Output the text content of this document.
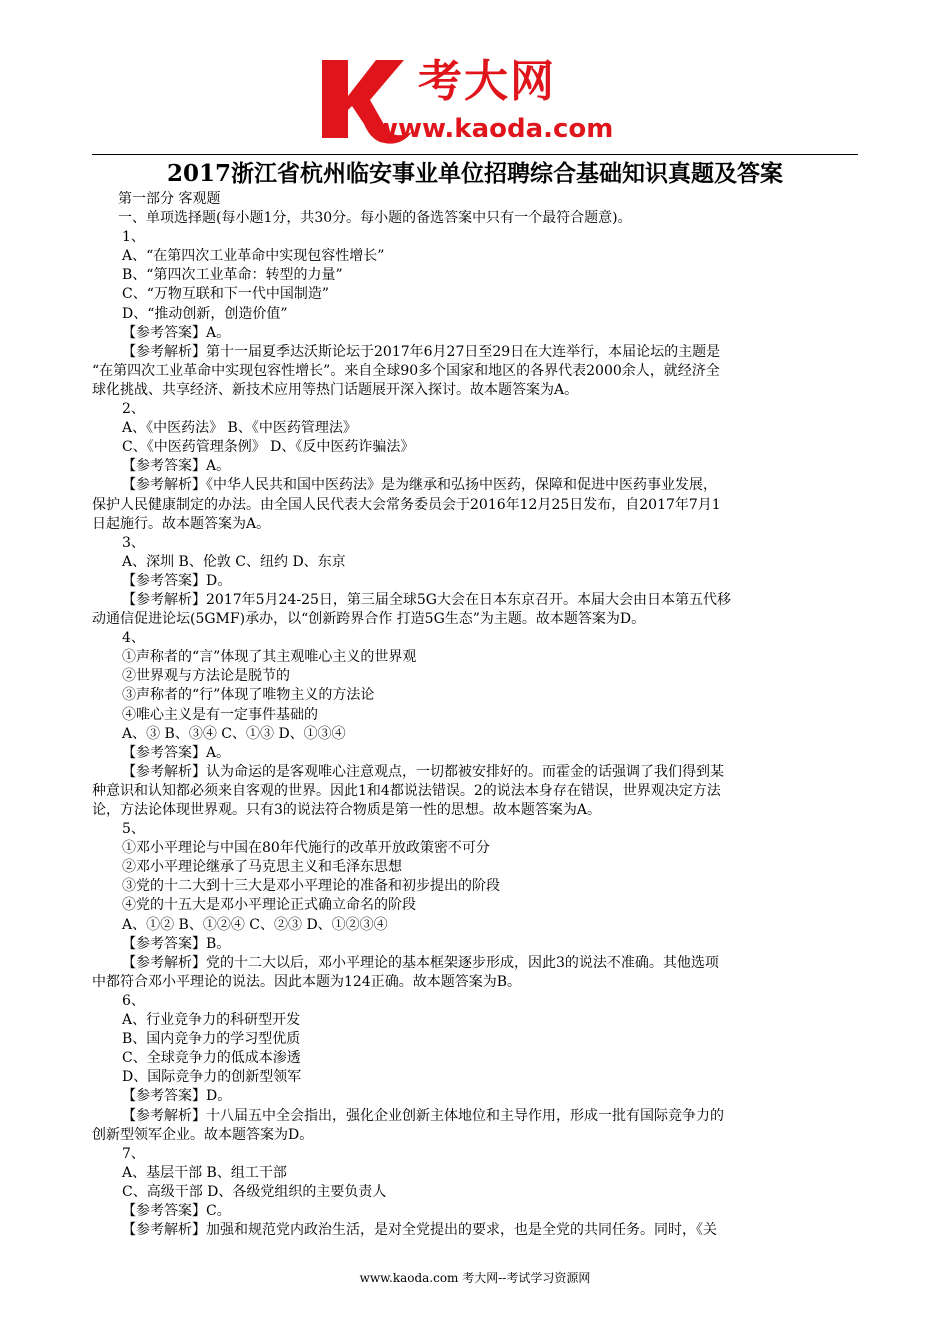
考大网
www.kaoda.com
2017浙江省杭州临安事业单位招聘综合基础知识真题及答案
第一部分 客观题
一、单项选择题(每小题1分，共30分。每小题的备选答案中只有一个最符合题意)。
1、
A、“在第四次工业革命中实现包容性增长”
B、“第四次工业革命：转型的力量”
C、“万物互联和下一代中国制造”
D、“推动创新，创造价值”
【参考答案】A。
【参考解析】第十一届夏季达沃斯论坛于2017年6月27日至29日在大连举行，本届论坛的主题是
“在第四次工业革命中实现包容性增长”。来自全球90多个国家和地区的各界代表2000余人，就经济全
球化挑战、共享经济、新技术应用等热门话题展开深入探讨。故本题答案为A。
2、
A、《中医药法》 B、《中医药管理法》
C、《中医药管理条例》 D、《反中医药诈骗法》
【参考答案】A。
【参考解析】《中华人民共和国中医药法》是为继承和弘扬中医药，保障和促进中医药事业发展，
保护人民健康制定的办法。由全国人民代表大会常务委员会于2016年12月25日发布，自2017年7月1
日起施行。故本题答案为A。
3、
A、深圳 B、伦敦 C、纽约 D、东京
【参考答案】D。
【参考解析】2017年5月24-25日，第三届全球5G大会在日本东京召开。本届大会由日本第五代移
动通信促进论坛(5GMF)承办，以“创新跨界合作 打造5G生态”为主题。故本题答案为D。
4、
①声称者的“言”体现了其主观唯心主义的世界观
②世界观与方法论是脱节的
③声称者的“行”体现了唯物主义的方法论
④唯心主义是有一定事件基础的
A、③ B、③④ C、①③ D、①③④
【参考答案】A。
【参考解析】认为命运的是客观唯心注意观点，一切都被安排好的。而霍金的话强调了我们得到某
种意识和认知都必须来自客观的世界。因此1和4都说法错误。2的说法本身存在错误，世界观决定方法
论，方法论体现世界观。只有3的说法符合物质是第一性的思想。故本题答案为A。
5、
①邓小平理论与中国在80年代施行的改革开放政策密不可分
②邓小平理论继承了马克思主义和毛泽东思想
③党的十二大到十三大是邓小平理论的准备和初步提出的阶段
④党的十五大是邓小平理论正式确立命名的阶段
A、①② B、①②④ C、②③ D、①②③④
【参考答案】B。
【参考解析】党的十二大以后，邓小平理论的基本框架逐步形成，因此3的说法不准确。其他选项
中都符合邓小平理论的说法。因此本题为124正确。故本题答案为B。
6、
A、行业竞争力的科研型开发
B、国内竞争力的学习型优质
C、全球竞争力的低成本渗透
D、国际竞争力的创新型领军
【参考答案】D。
【参考解析】十八届五中全会指出，强化企业创新主体地位和主导作用，形成一批有国际竞争力的
创新型领军企业。故本题答案为D。
7、
A、基层干部 B、组工干部
C、高级干部 D、各级党组织的主要负责人
【参考答案】C。
【参考解析】加强和规范党内政治生活，是对全党提出的要求，也是全党的共同任务。同时，《关
www.kaoda.com 考大网--考试学习资源网
